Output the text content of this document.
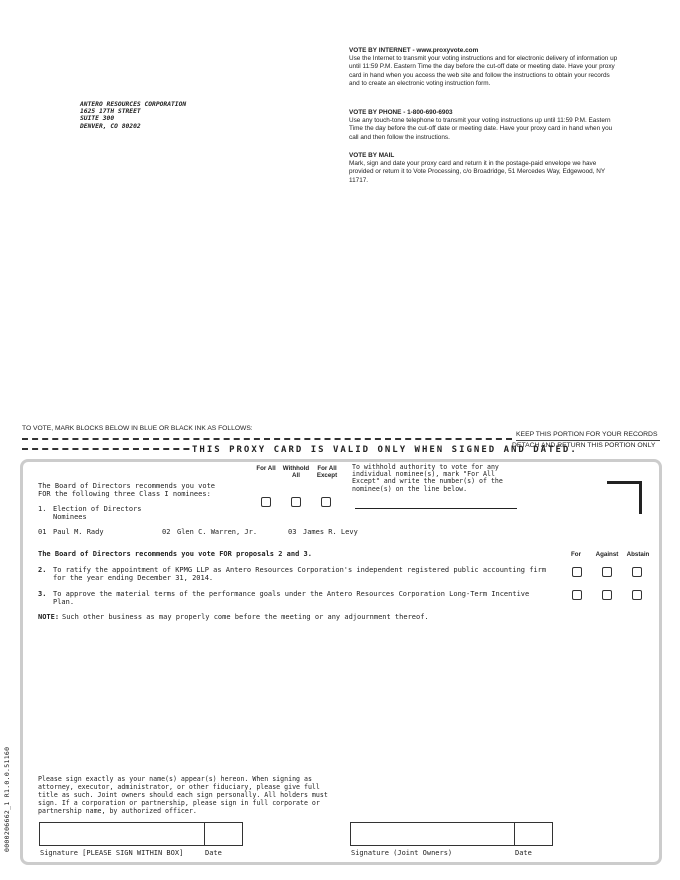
ANTERO RESOURCES CORPORATION
1625 17TH STREET
SUITE 300
DENVER, CO 80202
VOTE BY INTERNET - www.proxyvote.com
Use the Internet to transmit your voting instructions and for electronic delivery of information up until 11:59 P.M. Eastern Time the day before the cut-off date or meeting date. Have your proxy card in hand when you access the web site and follow the instructions to obtain your records and to create an electronic voting instruction form.
VOTE BY PHONE - 1-800-690-6903
Use any touch-tone telephone to transmit your voting instructions up until 11:59 P.M. Eastern Time the day before the cut-off date or meeting date. Have your proxy card in hand when you call and then follow the instructions.
VOTE BY MAIL
Mark, sign and date your proxy card and return it in the postage-paid envelope we have provided or return it to Vote Processing, c/o Broadridge, 51 Mercedes Way, Edgewood, NY 11717.
TO VOTE, MARK BLOCKS BELOW IN BLUE OR BLACK INK AS FOLLOWS:
KEEP THIS PORTION FOR YOUR RECORDS
THIS PROXY CARD IS VALID ONLY WHEN SIGNED AND DATED.
DETACH AND RETURN THIS PORTION ONLY
The Board of Directors recommends you vote
FOR the following three Class I nominees:
For All	Withhold All
For All Except
To withhold authority to vote for any individual nominee(s), mark "For All Except" and write the number(s) of the nominee(s) on the line below.
1. Election of Directors
Nominees
01 Paul M. Rady	02 Glen C. Warren, Jr.	03 James R. Levy
The Board of Directors recommends you vote FOR proposals 2 and 3.	For	Against	Abstain
2. To ratify the appointment of KPMG LLP as Antero Resources Corporation's independent registered public accounting firm for the year ending December 31, 2014.
3. To approve the material terms of the performance goals under the Antero Resources Corporation Long-Term Incentive Plan.
NOTE: Such other business as may properly come before the meeting or any adjournment thereof.
Please sign exactly as your name(s) appear(s) hereon. When signing as attorney, executor, administrator, or other fiduciary, please give full title as such. Joint owners should each sign personally. All holders must sign. If a corporation or partnership, please sign in full corporate or partnership name, by authorized officer.
Signature [PLEASE SIGN WITHIN BOX]	Date	Signature (Joint Owners)	Date
0000206662_1 R1.0.0.51160
